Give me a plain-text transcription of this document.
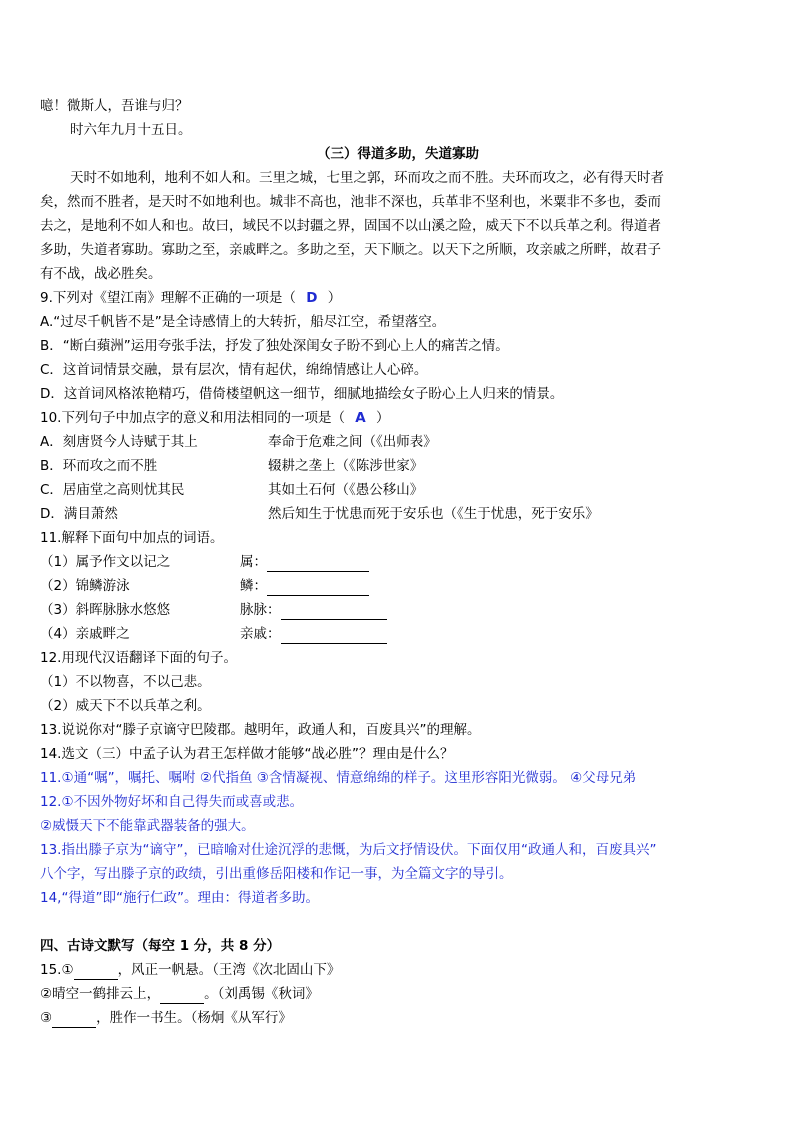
噫！微斯人，吾谁与归？
时六年九月十五日。
（三）得道多助，失道寡助
天时不如地利，地利不如人和。三里之城，七里之郭，环而攻之而不胜。夫环而攻之，必有得天时者
矣，然而不胜者，是天时不如地利也。城非不高也，池非不深也，兵革非不坚利也，米粟非不多也，委而
去之，是地利不如人和也。故曰，域民不以封疆之界，固国不以山溪之险，威天下不以兵革之利。得道者
多助，失道者寡助。寡助之至，亲戚畔之。多助之至，天下顺之。以天下之所顺，攻亲戚之所畔，故君子
有不战，战必胜矣。
9.下列对《望江南》理解不正确的一项是（ D ）
A.“过尽千帆皆不是”是全诗感情上的大转折，船尽江空，希望落空。
B．“断白蘋洲”运用夸张手法，抒发了独处深闺女子盼不到心上人的痛苦之情。
C．这首词情景交融，景有层次，情有起伏，绵绵情感让人心碎。
D．这首词风格浓艳精巧，借倚楼望帆这一细节，细腻地描绘女子盼心上人归来的情景。
10.下列句子中加点字的意义和用法相同的一项是（ A ）
A．刻唐贤今人诗赋于其上	奉命于危难之间（《出师表》
B．环而攻之而不胜	辍耕之垄上（《陈涉世家》
C．居庙堂之高则忧其民	其如土石何（《愚公移山》
D．满目萧然	然后知生于忧患而死于安乐也（《生于忧患，死于安乐》
11.解释下面句中加点的词语。
（1）属予作文以记之	属：
（2）锦鳞游泳	鳞：
（3）斜晖脉脉水悠悠	脉脉：
（4）亲戚畔之	亲戚：
12.用现代汉语翻译下面的句子。
（1）不以物喜，不以己悲。
（2）威天下不以兵革之利。
13.说说你对“滕子京谪守巴陵郡。越明年，政通人和，百废具兴”的理解。
14.选文（三）中孟子认为君王怎样做才能够“战必胜”？理由是什么？
11.①通“嘱”，嘱托、嘱咐 ②代指鱼 ③含情凝视、情意绵绵的样子。这里形容阳光微弱。 ④父母兄弟
12.①不因外物好坏和自己得失而或喜或悲。
②威慑天下不能靠武器装备的强大。
13.指出滕子京为“谪守”，已暗喻对仕途沉浮的悲慨，为后文抒情设伏。下面仅用“政通人和，百废具兴”
八个字，写出滕子京的政绩，引出重修岳阳楼和作记一事，为全篇文字的导引。
14,“得道”即“施行仁政”。理由：得道者多助。
四、古诗文默写（每空 1 分，共 8 分）
15.①	，风正一帆悬。（王湾《次北固山下》
②晴空一鹤排云上，	。（刘禹锡《秋词》
③	，胜作一书生。（杨炯《从军行》
